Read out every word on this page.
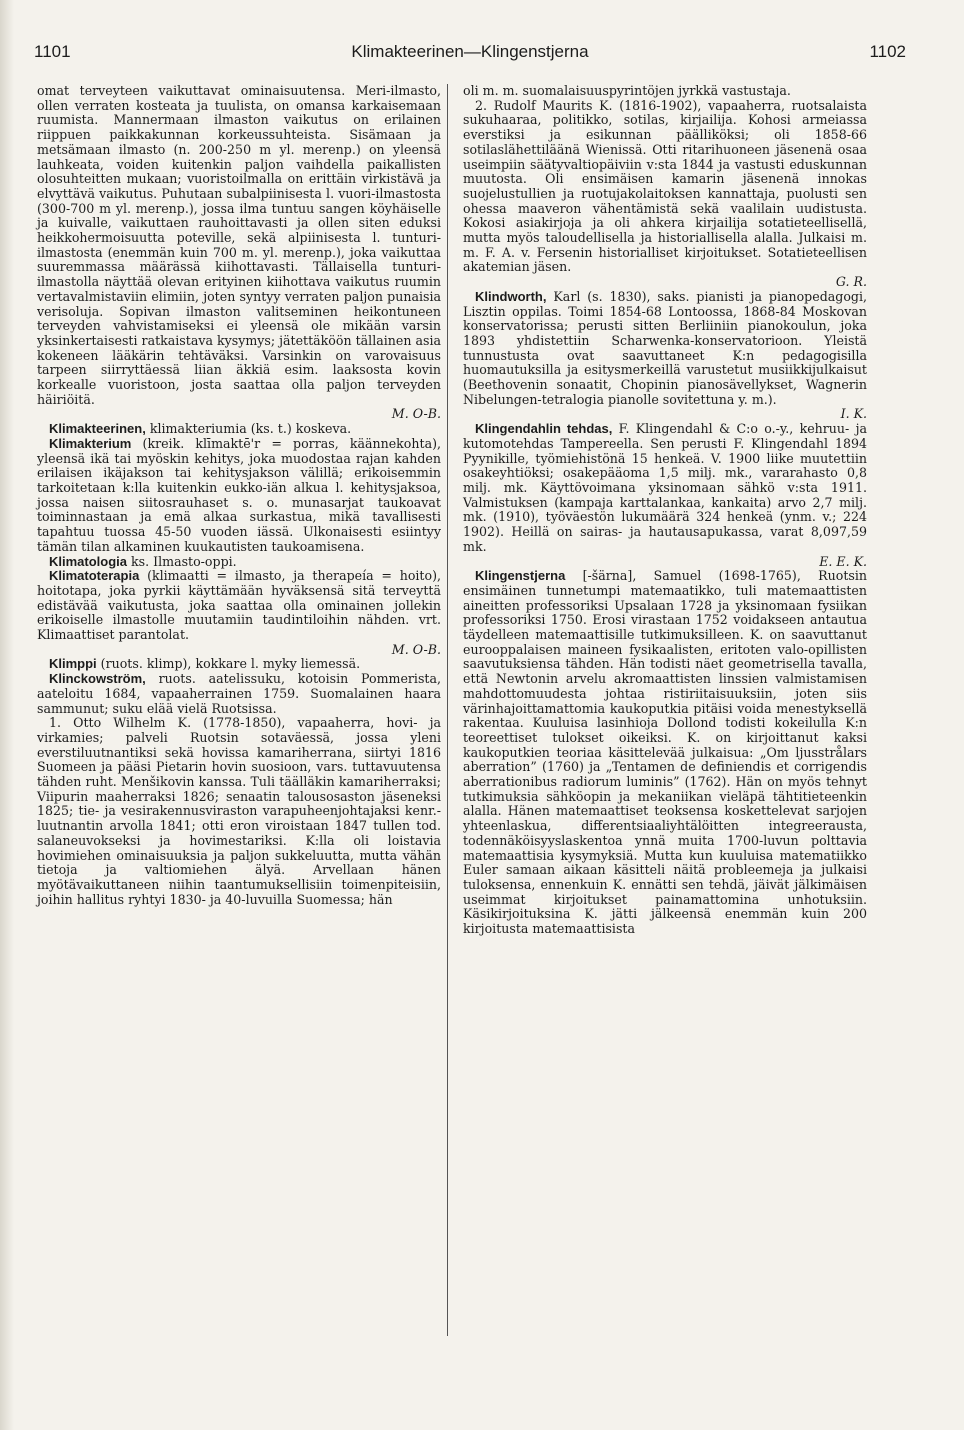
1101	Klimakteerinen—Klingenstjerna	1102

omat terveyteen vaikuttavat ominaisuutensa. Meri-ilmasto, ollen verraten kosteata ja tuulista, on omansa karkaisemaan ruumista. Mannermaan ilmaston vaikutus on erilainen riippuen paikkakunnan korkeussuhteista. Sisämaan ja metsämaan ilmasto (n. 200-250 m yl. merenp.) on yleensä lauhkeata, voiden kuitenkin paljon vaihdella paikallisten olosuhteitten mukaan; vuoristoilmalla on erittäin virkistävä ja elvyttävä vaikutus. Puhutaan subalpiinisesta l. vuori-ilmastosta (300-700 m yl. merenp.), jossa ilma tuntuu sangen köyhäiselle ja kuivalle, vaikuttaen rauhoittavasti ja ollen siten eduksi heikkohermoisuutta poteville, sekä alpiinisesta l. tunturi-ilmastosta (enemmän kuin 700 m. yl. merenp.), joka vaikuttaa suuremmassa määrässä kiihottavasti. Tällaisella tunturi-ilmastolla näyttää olevan erityinen kiihottava vaikutus ruumin vertavalmistaviin elimiin, joten syntyy verraten paljon punaisia verisoluja. Sopivan ilmaston valitseminen heikontuneen terveyden vahvistamiseksi ei yleensä ole mikään varsin yksinkertaisesti ratkaistava kysymys; jätettäköön tällainen asia kokeneen lääkärin tehtäväksi. Varsinkin on varovaisuus tarpeen siirryttäessä liian äkkiä esim. laaksosta kovin korkealle vuoristoon, josta saattaa olla paljon terveyden häiriöitä.

M. O-B.

Klimakteerinen, klimakteriumia (ks. t.) koskeva.

Klimakterium (kreik. klīmaktē'r = porras, käännekohta), yleensä ikä tai myöskin kehitys, joka muodostaa rajan kahden erilaisen ikäjakson tai kehitysjakson välillä; erikoisemmin tarkoitetaan k:lla kuitenkin eukko-iän alkua l. kehitysjaksoa, jossa naisen siitosrauhaset s. o. munasarjat taukoavat toiminnastaan ja emä alkaa surkastua, mikä tavallisesti tapahtuu tuossa 45-50 vuoden iässä. Ulkonaisesti esiintyy tämän tilan alkaminen kuukautisten taukoamisena.

Klimatologia ks. Ilmasto-oppi.

Klimatoterapia (klimaatti = ilmasto, ja therapeía = hoito), hoitotapa, joka pyrkii käyttämään hyväksensä sitä terveyttä edistävää vaikutusta, joka saattaa olla ominainen jollekin erikoiselle ilmastolle muutamiin taudintiloihin nähden. vrt. Klimaattiset parantolat.

M. O-B.

Klimppi (ruots. klimp), kokkare l. myky liemessä.

Klinckowström, ruots. aatelissuku, kotoisin Pommerista, aateloitu 1684, vapaaherrainen 1759. Suomalainen haara sammunut; suku elää vielä Ruotsissa.

1. Otto Wilhelm K. (1778-1850), vapaaherra, hovi- ja virkamies; palveli Ruotsin sotaväessä, jossa yleni everstiluutnantiksi sekä hovissa kamariherrana, siirtyi 1816 Suomeen ja pääsi Pietarin hovin suosioon, vars. tuttavuutensa tähden ruht. Menšikovin kanssa. Tuli täälläkin kamariherraksi; Viipurin maaherraksi 1826; senaatin talousosaston jäseneksi 1825; tie- ja vesirakennusviraston varapuheenjohtajaksi kenr.-luutnantin arvolla 1841; otti eron viroistaan 1847 tullen tod. salaneuvokseksi ja hovimestariksi. K:lla oli loistavia hovimiehen ominaisuuksia ja paljon sukkeluutta, mutta vähän tietoja ja valtiomiehen älyä. Arvellaan hänen myötävaikuttaneen niihin taantumuksellisiin toimenpiteisiin, joihin hallitus ryhtyi 1830- ja 40-luvuilla Suomessa; hän

oli m. m. suomalaisuuspyrintöjen jyrkkä vastustaja.

2. Rudolf Maurits K. (1816-1902), vapaaherra, ruotsalaista sukuhaaraa, politikko, sotilas, kirjailija. Kohosi armeiassa everstiksi ja esikunnan päälliköksi; oli 1858-66 sotilaslähettiläänä Wienissä. Otti ritarihuoneen jäsenenä osaa useimpiin säätyvaltiopäiviin v:sta 1844 ja vastusti eduskunnan muutosta. Oli ensimäisen kamarin jäsenenä innokas suojelustullien ja ruotujakolaitoksen kannattaja, puolusti sen ohessa maaveron vähentämistä sekä vaalilain uudistusta. Kokosi asiakirjoja ja oli ahkera kirjailija sotatieteellisellä, mutta myös taloudellisella ja historiallisella alalla. Julkaisi m. m. F. A. v. Fersenin historialliset kirjoitukset. Sotatieteellisen akatemian jäsen.

G. R.

Klindworth, Karl (s. 1830), saks. pianisti ja pianopedagogi, Lisztin oppilas. Toimi 1854-68 Lontoossa, 1868-84 Moskovan konservatorissa; perusti sitten Berliiniin pianokoulun, joka 1893 yhdistettiin Scharwenka-konservatorioon. Yleistä tunnustusta ovat saavuttaneet K:n pedagogisilla huomautuksilla ja esitysmerkeillä varustetut musiikkijulkaisut (Beethovenin sonaatit, Chopinin pianosävellykset, Wagnerin Nibelungen-tetralogia pianolle sovitettuna y. m.).

I. K.

Klingendahlin tehdas, F. Klingendahl & C:o o.-y., kehruu- ja kutomotehdas Tampereella. Sen perusti F. Klingendahl 1894 Pyynikille, työmiehistönä 15 henkeä. V. 1900 liike muutettiin osakeyhtiöksi; osakepääoma 1,5 milj. mk., vararahasto 0,8 milj. mk. Käyttövoimana yksinomaan sähkö v:sta 1911. Valmistuksen (kampaja karttalankaa, kankaita) arvo 2,7 milj. mk. (1910), työväestön lukumäärä 324 henkeä (ynm. v.; 224 1902). Heillä on sairas- ja hautausapukassa, varat 8,097,59 mk.

E. E. K.

Klingenstjerna [-šärna], Samuel (1698-1765), Ruotsin ensimäinen tunnetumpi matemaatikko, tuli matemaattisten aineitten professoriksi Upsalaan 1728 ja yksinomaan fysiikan professoriksi 1750. Erosi virastaan 1752 voidakseen antautua täydelleen matemaattisille tutkimuksilleen. K. on saavuttanut eurooppalaisen maineen fysikaalisten, eritoten valo-opillisten saavutuksiensa tähden. Hän todisti näet geometrisella tavalla, että Newtonin arvelu akromaattisten linssien valmistamisen mahdottomuudesta johtaa ristiriitaisuuksiin, joten siis värinhajoittamattomia kaukoputkia pitäisi voida menestyksellä rakentaa. Kuuluisa lasinhioja Dollond todisti kokeilulla K:n teoreettiset tulokset oikeiksi. K. on kirjoittanut kaksi kaukoputkien teoriaa käsittelevää julkaisua: „Om ljusstrålars aberration” (1760) ja „Tentamen de definiendis et corrigendis aberrationibus radiorum luminis” (1762). Hän on myös tehnyt tutkimuksia sähköopin ja mekaniikan vieläpä tähtitieteenkin alalla. Hänen matemaattiset teoksensa koskettelevat sarjojen yhteenlaskua, differentsiaaliyhtälöitten integreerausta, todennäköisyyslaskentoa ynnä muita 1700-luvun polttavia matemaattisia kysymyksiä. Mutta kun kuuluisa matematiikko Euler samaan aikaan käsitteli näitä probleemeja ja julkaisi tuloksensa, ennenkuin K. ennätti sen tehdä, jäivät jälkimäisen useimmat kirjoitukset painamattomina unhotuksiin. Käsikirjoituksina K. jätti jälkeensä enemmän kuin 200 kirjoitusta matemaattisista
